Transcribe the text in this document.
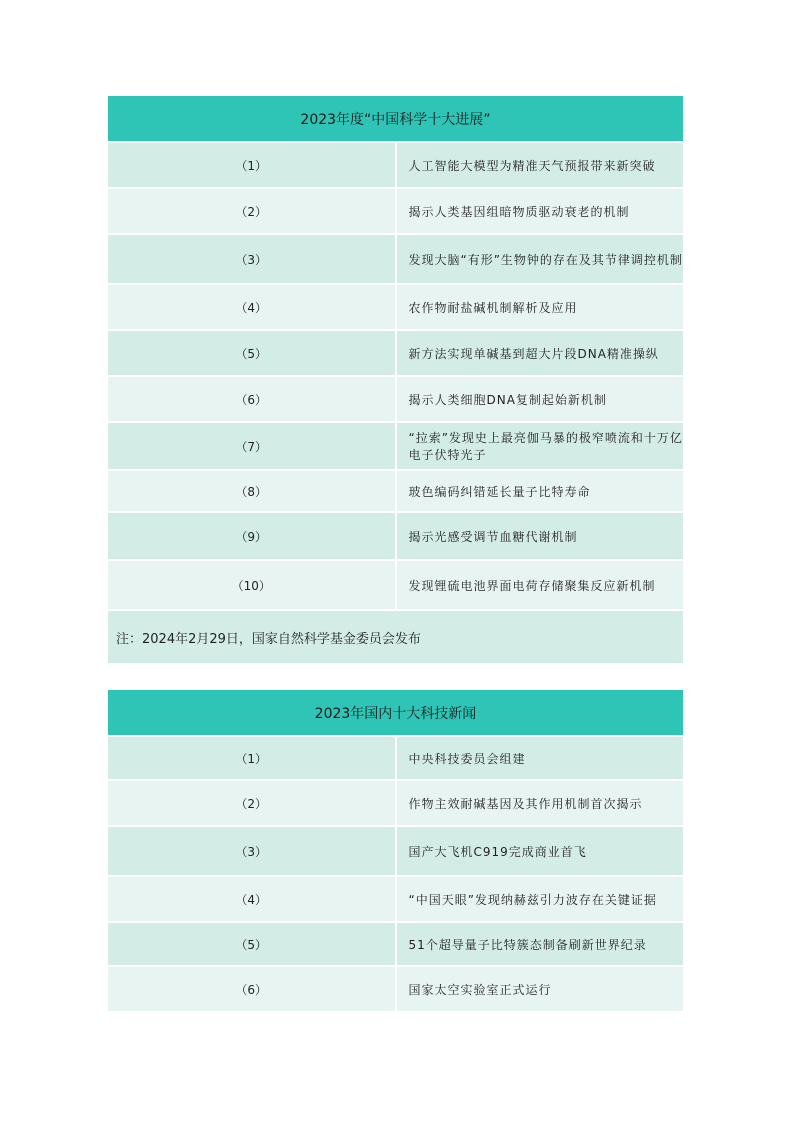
2023年度“中国科学十大进展”	
（1）	人工智能大模型为精准天气预报带来新突破
（2）	揭示人类基因组暗物质驱动衰老的机制
（3）	发现大脑“有形”生物钟的存在及其节律调控机制
（4）	农作物耐盐碱机制解析及应用
（5）	新方法实现单碱基到超大片段DNA精准操纵
（6）	揭示人类细胞DNA复制起始新机制
（7）	“拉索”发现史上最亮伽马暴的极窄喷流和十万亿电子伏特光子
（8）	玻色编码纠错延长量子比特寿命
（9）	揭示光感受调节血糖代谢机制
（10）	发现锂硫电池界面电荷存储聚集反应新机制
注：2024年2月29日，国家自然科学基金委员会发布	
2023年国内十大科技新闻	
（1）	中央科技委员会组建
（2）	作物主效耐碱基因及其作用机制首次揭示
（3）	国产大飞机C919完成商业首飞
（4）	“中国天眼”发现纳赫兹引力波存在关键证据
（5）	51个超导量子比特簇态制备刷新世界纪录
（6）	国家太空实验室正式运行
